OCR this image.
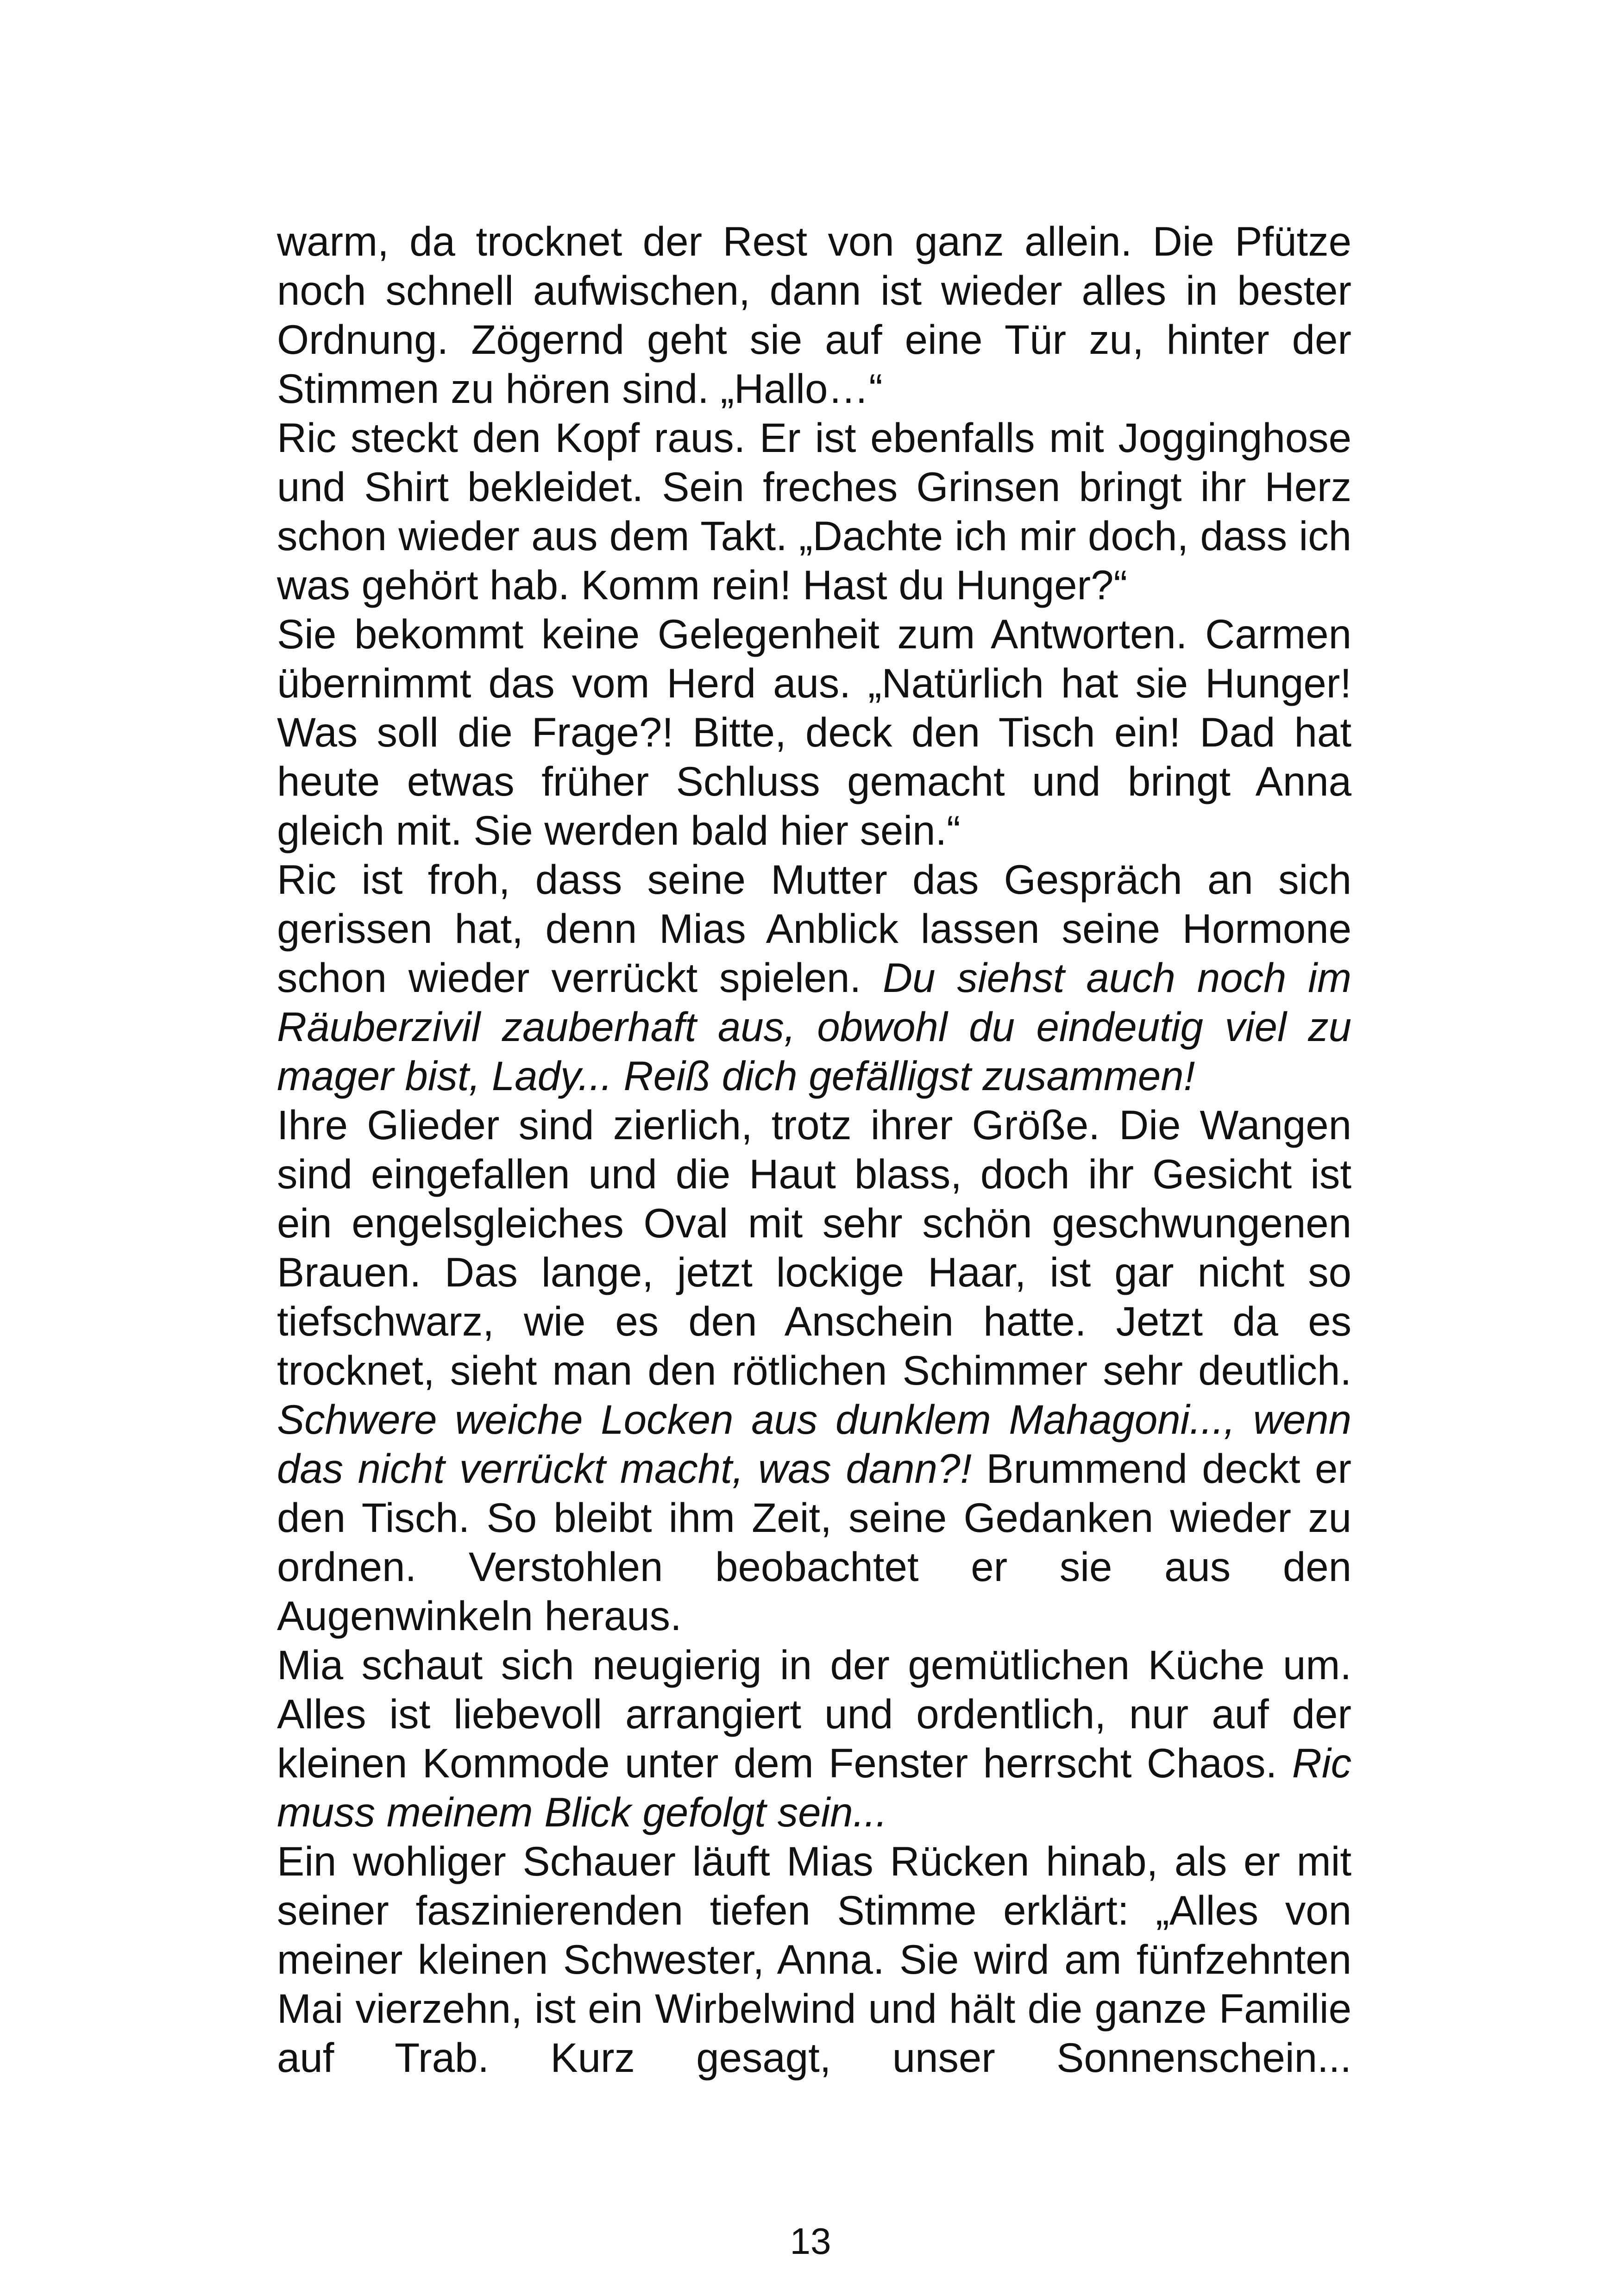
warm, da trocknet der Rest von ganz allein. Die Pfütze noch schnell aufwischen, dann ist wieder alles in bester Ordnung. Zögernd geht sie auf eine Tür zu, hinter der Stimmen zu hören sind. „Hallo…“
Ric steckt den Kopf raus. Er ist ebenfalls mit Jogginghose und Shirt bekleidet. Sein freches Grinsen bringt ihr Herz schon wieder aus dem Takt. „Dachte ich mir doch, dass ich was gehört hab. Komm rein! Hast du Hunger?“
Sie bekommt keine Gelegenheit zum Antworten. Carmen übernimmt das vom Herd aus. „Natürlich hat sie Hunger! Was soll die Frage?! Bitte, deck den Tisch ein! Dad hat heute etwas früher Schluss gemacht und bringt Anna gleich mit. Sie werden bald hier sein.“
Ric ist froh, dass seine Mutter das Gespräch an sich gerissen hat, denn Mias Anblick lassen seine Hormone schon wieder verrückt spielen. Du siehst auch noch im Räuberzivil zauberhaft aus, obwohl du eindeutig viel zu mager bist, Lady... Reiß dich gefälligst zusammen!
Ihre Glieder sind zierlich, trotz ihrer Größe. Die Wangen sind eingefallen und die Haut blass, doch ihr Gesicht ist ein engelsgleiches Oval mit sehr schön geschwungenen Brauen. Das lange, jetzt lockige Haar, ist gar nicht so tiefschwarz, wie es den Anschein hatte. Jetzt da es trocknet, sieht man den rötlichen Schimmer sehr deutlich. Schwere weiche Locken aus dunklem Mahagoni..., wenn das nicht verrückt macht, was dann?! Brummend deckt er den Tisch. So bleibt ihm Zeit, seine Gedanken wieder zu ordnen. Verstohlen beobachtet er sie aus den Augenwinkeln heraus.
Mia schaut sich neugierig in der gemütlichen Küche um. Alles ist liebevoll arrangiert und ordentlich, nur auf der kleinen Kommode unter dem Fenster herrscht Chaos. Ric muss meinem Blick gefolgt sein...
Ein wohliger Schauer läuft Mias Rücken hinab, als er mit seiner faszinierenden tiefen Stimme erklärt: „Alles von meiner kleinen Schwester, Anna. Sie wird am fünfzehnten Mai vierzehn, ist ein Wirbelwind und hält die ganze Familie auf Trab. Kurz gesagt, unser Sonnenschein...
13
